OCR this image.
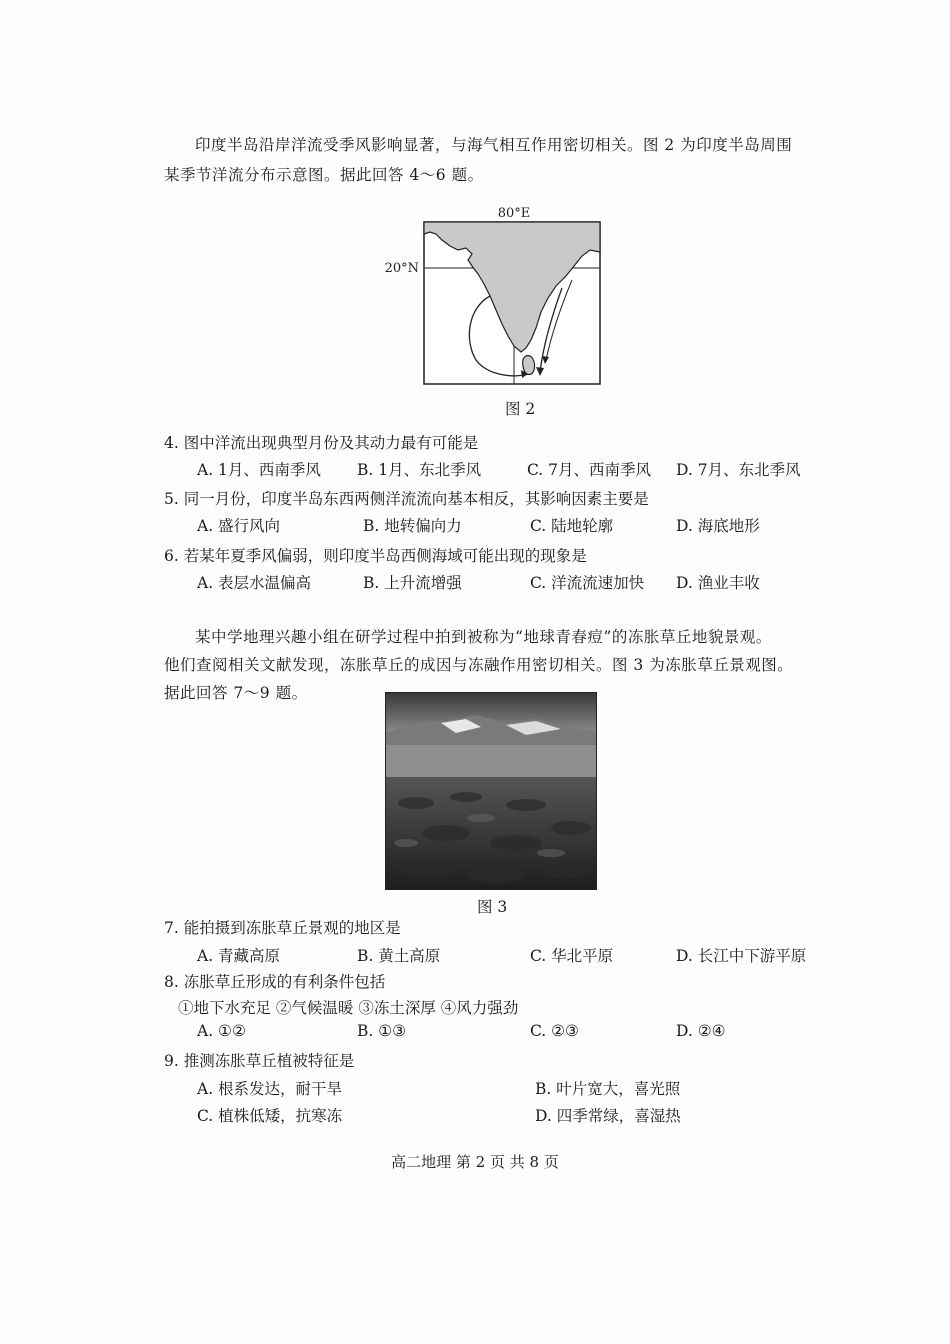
印度半岛沿岸洋流受季风影响显著，与海气相互作用密切相关。图 2 为印度半岛周围

某季节洋流分布示意图。据此回答 4～6 题。
80°E
20°N
图 2
4. 图中洋流出现典型月份及其动力最有可能是
A. 1月、西南季风 B. 1月、东北季风	C. 7月、西南季风 D. 7月、东北季风
5. 同一月份，印度半岛东西两侧洋流流向基本相反，其影响因素主要是
A. 盛行风向	B. 地转偏向力	C. 陆地轮廓	D. 海底地形
6. 若某年夏季风偏弱，则印度半岛西侧海域可能出现的现象是
A. 表层水温偏高	B. 上升流增强	C. 洋流流速加快 D. 渔业丰收

某中学地理兴趣小组在研学过程中拍到被称为“地球青春痘”的冻胀草丘地貌景观。

他们查阅相关文献发现，冻胀草丘的成因与冻融作用密切相关。图 3 为冻胀草丘景观图。
据此回答 7～9 题。
图 3
7. 能拍摄到冻胀草丘景观的地区是
A. 青藏高原	B. 黄土高原	C. 华北平原	D. 长江中下游平原
8. 冻胀草丘形成的有利条件包括
①地下水充足 ②气候温暖 ③冻土深厚 ④风力强劲
A. ①②	B. ①③	C. ②③	D. ②④
9. 推测冻胀草丘植被特征是
A. 根系发达，耐干旱	B. 叶片宽大，喜光照
C. 植株低矮，抗寒冻	D. 四季常绿，喜湿热
高二地理 第 2 页 共 8 页
